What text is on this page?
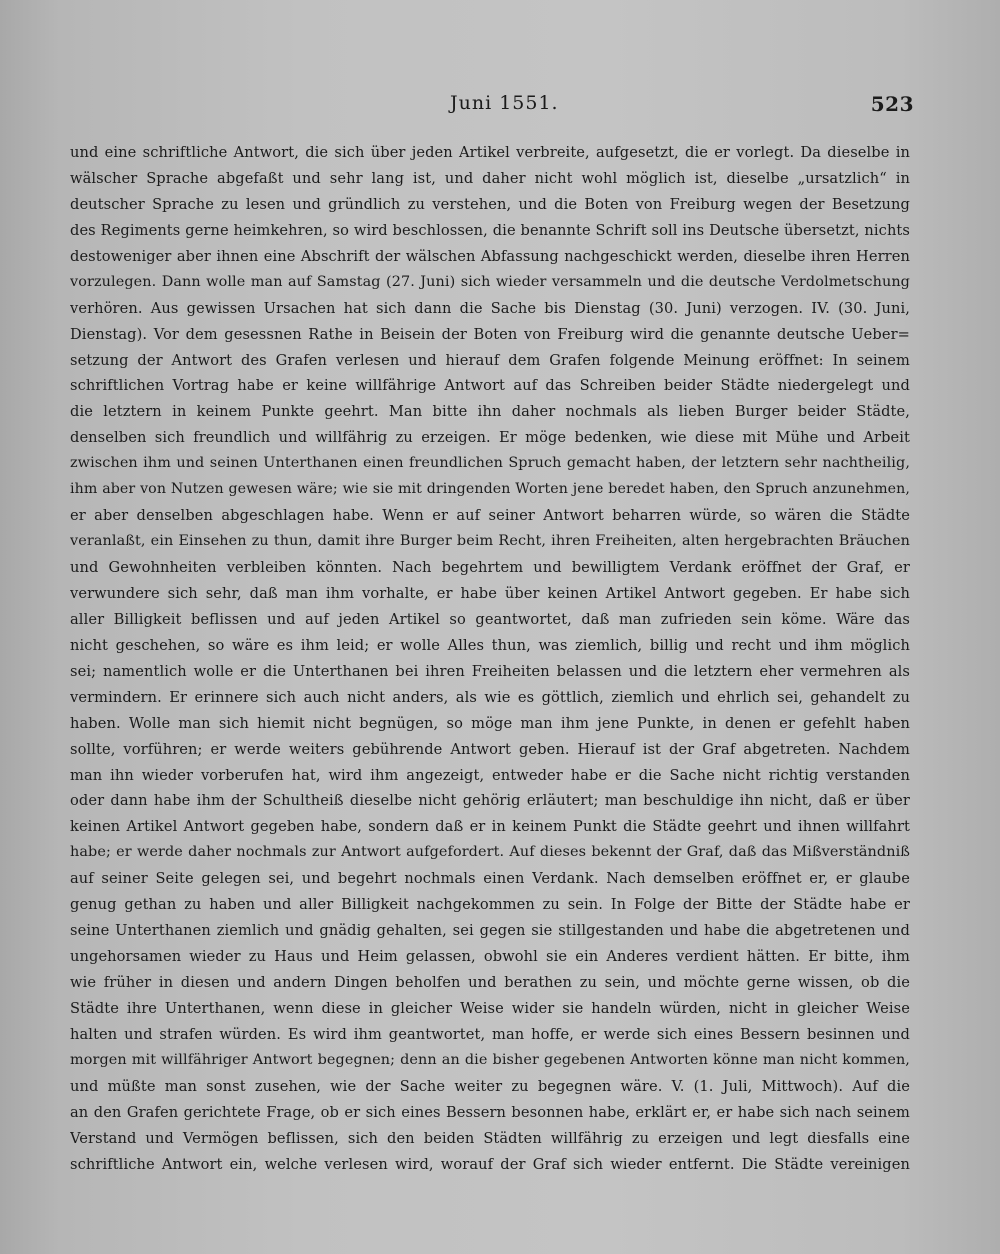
Juni 1551.	523
und eine schriftliche Antwort, die sich über jeden Artikel verbreite, aufgesetzt, die er vorlegt. Da dieselbe in
wälscher Sprache abgefaßt und sehr lang ist, und daher nicht wohl möglich ist, dieselbe „ursatzlich“ in
deutscher Sprache zu lesen und gründlich zu verstehen, und die Boten von Freiburg wegen der Besetzung
des Regiments gerne heimkehren, so wird beschlossen, die benannte Schrift soll ins Deutsche übersetzt, nichts
destoweniger aber ihnen eine Abschrift der wälschen Abfassung nachgeschickt werden, dieselbe ihren Herren
vorzulegen. Dann wolle man auf Samstag (27. Juni) sich wieder versammeln und die deutsche Verdolmetschung
verhören. Aus gewissen Ursachen hat sich dann die Sache bis Dienstag (30. Juni) verzogen. IV. (30. Juni,
Dienstag). Vor dem gesessnen Rathe in Beisein der Boten von Freiburg wird die genannte deutsche Ueber=
setzung der Antwort des Grafen verlesen und hierauf dem Grafen folgende Meinung eröffnet: In seinem
schriftlichen Vortrag habe er keine willfährige Antwort auf das Schreiben beider Städte niedergelegt und
die letztern in keinem Punkte geehrt. Man bitte ihn daher nochmals als lieben Burger beider Städte,
denselben sich freundlich und willfährig zu erzeigen. Er möge bedenken, wie diese mit Mühe und Arbeit
zwischen ihm und seinen Unterthanen einen freundlichen Spruch gemacht haben, der letztern sehr nachtheilig,
ihm aber von Nutzen gewesen wäre; wie sie mit dringenden Worten jene beredet haben, den Spruch anzunehmen,
er aber denselben abgeschlagen habe. Wenn er auf seiner Antwort beharren würde, so wären die Städte
veranlaßt, ein Einsehen zu thun, damit ihre Burger beim Recht, ihren Freiheiten, alten hergebrachten Bräuchen
und Gewohnheiten verbleiben könnten. Nach begehrtem und bewilligtem Verdank eröffnet der Graf, er
verwundere sich sehr, daß man ihm vorhalte, er habe über keinen Artikel Antwort gegeben. Er habe sich
aller Billigkeit beflissen und auf jeden Artikel so geantwortet, daß man zufrieden sein köme. Wäre das
nicht geschehen, so wäre es ihm leid; er wolle Alles thun, was ziemlich, billig und recht und ihm möglich
sei; namentlich wolle er die Unterthanen bei ihren Freiheiten belassen und die letztern eher vermehren als
vermindern. Er erinnere sich auch nicht anders, als wie es göttlich, ziemlich und ehrlich sei, gehandelt zu
haben. Wolle man sich hiemit nicht begnügen, so möge man ihm jene Punkte, in denen er gefehlt haben
sollte, vorführen; er werde weiters gebührende Antwort geben. Hierauf ist der Graf abgetreten. Nachdem
man ihn wieder vorberufen hat, wird ihm angezeigt, entweder habe er die Sache nicht richtig verstanden
oder dann habe ihm der Schultheiß dieselbe nicht gehörig erläutert; man beschuldige ihn nicht, daß er über
keinen Artikel Antwort gegeben habe, sondern daß er in keinem Punkt die Städte geehrt und ihnen willfahrt
habe; er werde daher nochmals zur Antwort aufgefordert. Auf dieses bekennt der Graf, daß das Mißverständniß
auf seiner Seite gelegen sei, und begehrt nochmals einen Verdank. Nach demselben eröffnet er, er glaube
genug gethan zu haben und aller Billigkeit nachgekommen zu sein. In Folge der Bitte der Städte habe er
seine Unterthanen ziemlich und gnädig gehalten, sei gegen sie stillgestanden und habe die abgetretenen und
ungehorsamen wieder zu Haus und Heim gelassen, obwohl sie ein Anderes verdient hätten. Er bitte, ihm
wie früher in diesen und andern Dingen beholfen und berathen zu sein, und möchte gerne wissen, ob die
Städte ihre Unterthanen, wenn diese in gleicher Weise wider sie handeln würden, nicht in gleicher Weise
halten und strafen würden. Es wird ihm geantwortet, man hoffe, er werde sich eines Bessern besinnen und
morgen mit willfähriger Antwort begegnen; denn an die bisher gegebenen Antworten könne man nicht kommen,
und müßte man sonst zusehen, wie der Sache weiter zu begegnen wäre. V. (1. Juli, Mittwoch). Auf die
an den Grafen gerichtete Frage, ob er sich eines Bessern besonnen habe, erklärt er, er habe sich nach seinem
Verstand und Vermögen beflissen, sich den beiden Städten willfährig zu erzeigen und legt diesfalls eine
schriftliche Antwort ein, welche verlesen wird, worauf der Graf sich wieder entfernt. Die Städte vereinigen
